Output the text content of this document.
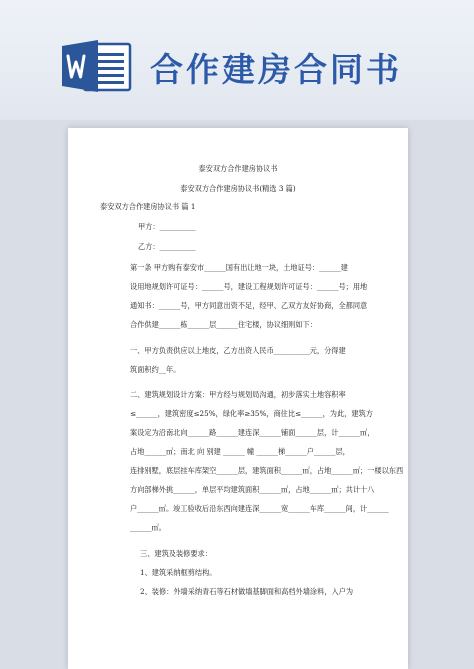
合作建房合同书
泰安双方合作建房协议书
泰安双方合作建房协议书(精选 3 篇)
泰安双方合作建房协议书 篇 1
甲方：__________
乙方：__________
第一条 甲方购有泰安市______国有出让地一块，土地证号：______建
设用地规划许可证号：______号，建设工程规划许可证号：______号；用地
通知书：______号，甲方同意出资不足，经甲、乙双方友好协商，全都同意
合作供建______栋______层______住宅楼，协议细则如下：
一、甲方负责供应以上地皮，乙方出资人民币__________元，分得建
筑面积约__年。
二、建筑规划设计方案：甲方经与规划局沟通，初步落实土地容积率
≤______，建筑密度≤25%，绿化率≥35%，商住比≤______，为此，建筑方
案设定为沿南北向______路______建连深______铺面______层，计______㎡，
占地______㎡；南北 向 别建 ______ 幢 ______梯______户______层，
连排别墅，底层挂车库架空______层，建筑面积______㎡，占地______㎡；一楼以东西
方向部梯外挑______，单层平均建筑面积______㎡，占地______㎡；共计十八
户______㎡。竣工验收后沿东西向建连深______宽______车库______间，计______
______㎡。
三、建筑及装修要求：
1、建筑采纳框剪结构。
2、装修：外墙采纳青石等石材做墙基脚面和高档外墙涂料，入户为
